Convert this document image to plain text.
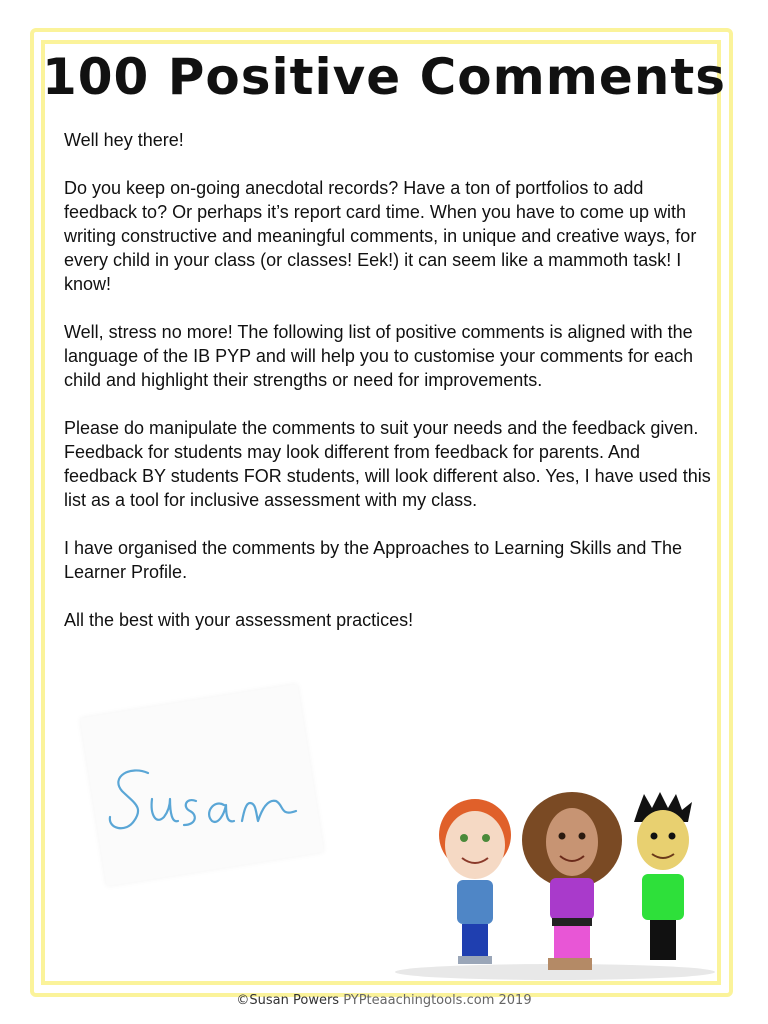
100 Positive Comments

Well hey there!

Do you keep on-going anecdotal records? Have a ton of portfolios to add feedback to? Or perhaps it’s report card time. When you have to come up with writing constructive and meaningful comments, in unique and creative ways, for every child in your class (or classes! Eek!) it can seem like a mammoth task! I know!

Well, stress no more! The following list of positive comments is aligned with the language of the IB PYP and will help you to customise your comments for each child and highlight their strengths or need for improvements.

Please do manipulate the comments to suit your needs and the feedback given. Feedback for students may look different from feedback for parents. And feedback BY students FOR students, will look different also. Yes, I have used this list as a tool for inclusive assessment with my class.

I have organised the comments by the Approaches to Learning Skills and The Learner Profile.

All the best with your assessment practices!

©Susan Powers PYPteaachingtools.com 2019
